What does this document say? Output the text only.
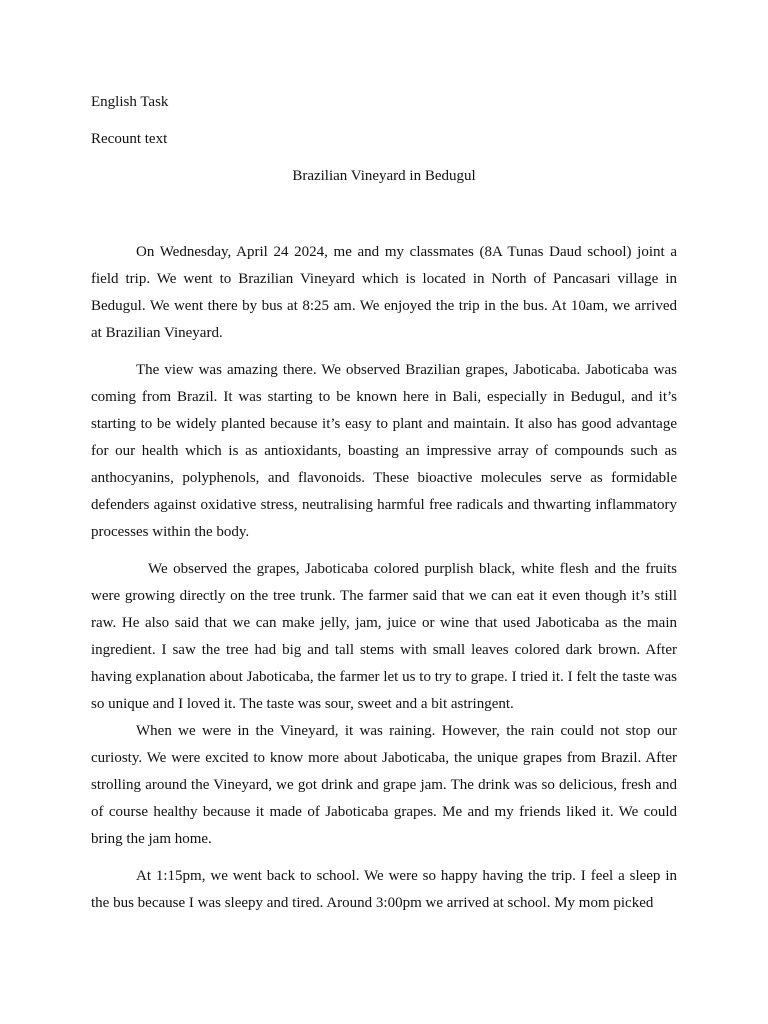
English Task

Recount text

Brazilian Vineyard in Bedugul

On Wednesday, April 24 2024, me and my classmates (8A Tunas Daud school) joint a field trip. We went to Brazilian Vineyard which is located in North of Pancasari village in Bedugul. We went there by bus at 8:25 am. We enjoyed the trip in the bus. At 10am, we arrived at Brazilian Vineyard.

The view was amazing there. We observed Brazilian grapes, Jaboticaba. Jaboticaba was coming from Brazil. It was starting to be known here in Bali, especially in Bedugul, and it’s starting to be widely planted because it’s easy to plant and maintain. It also has good advantage for our health which is as antioxidants, boasting an impressive array of compounds such as anthocyanins, polyphenols, and flavonoids. These bioactive molecules serve as formidable defenders against oxidative stress, neutralising harmful free radicals and thwarting inflammatory processes within the body.

We observed the grapes, Jaboticaba colored purplish black, white flesh and the fruits were growing directly on the tree trunk. The farmer said that we can eat it even though it’s still raw. He also said that we can make jelly, jam, juice or wine that used Jaboticaba as the main ingredient. I saw the tree had big and tall stems with small leaves colored dark brown. After having explanation about Jaboticaba, the farmer let us to try to grape. I tried it. I felt the taste was so unique and I loved it. The taste was sour, sweet and a bit astringent.

When we were in the Vineyard, it was raining. However, the rain could not stop our curiosty. We were excited to know more about Jaboticaba, the unique grapes from Brazil. After strolling around the Vineyard, we got drink and grape jam. The drink was so delicious, fresh and of course healthy because it made of Jaboticaba grapes. Me and my friends liked it. We could bring the jam home.

At 1:15pm, we went back to school. We were so happy having the trip. I feel a sleep in the bus because I was sleepy and tired. Around 3:00pm we arrived at school. My mom picked
